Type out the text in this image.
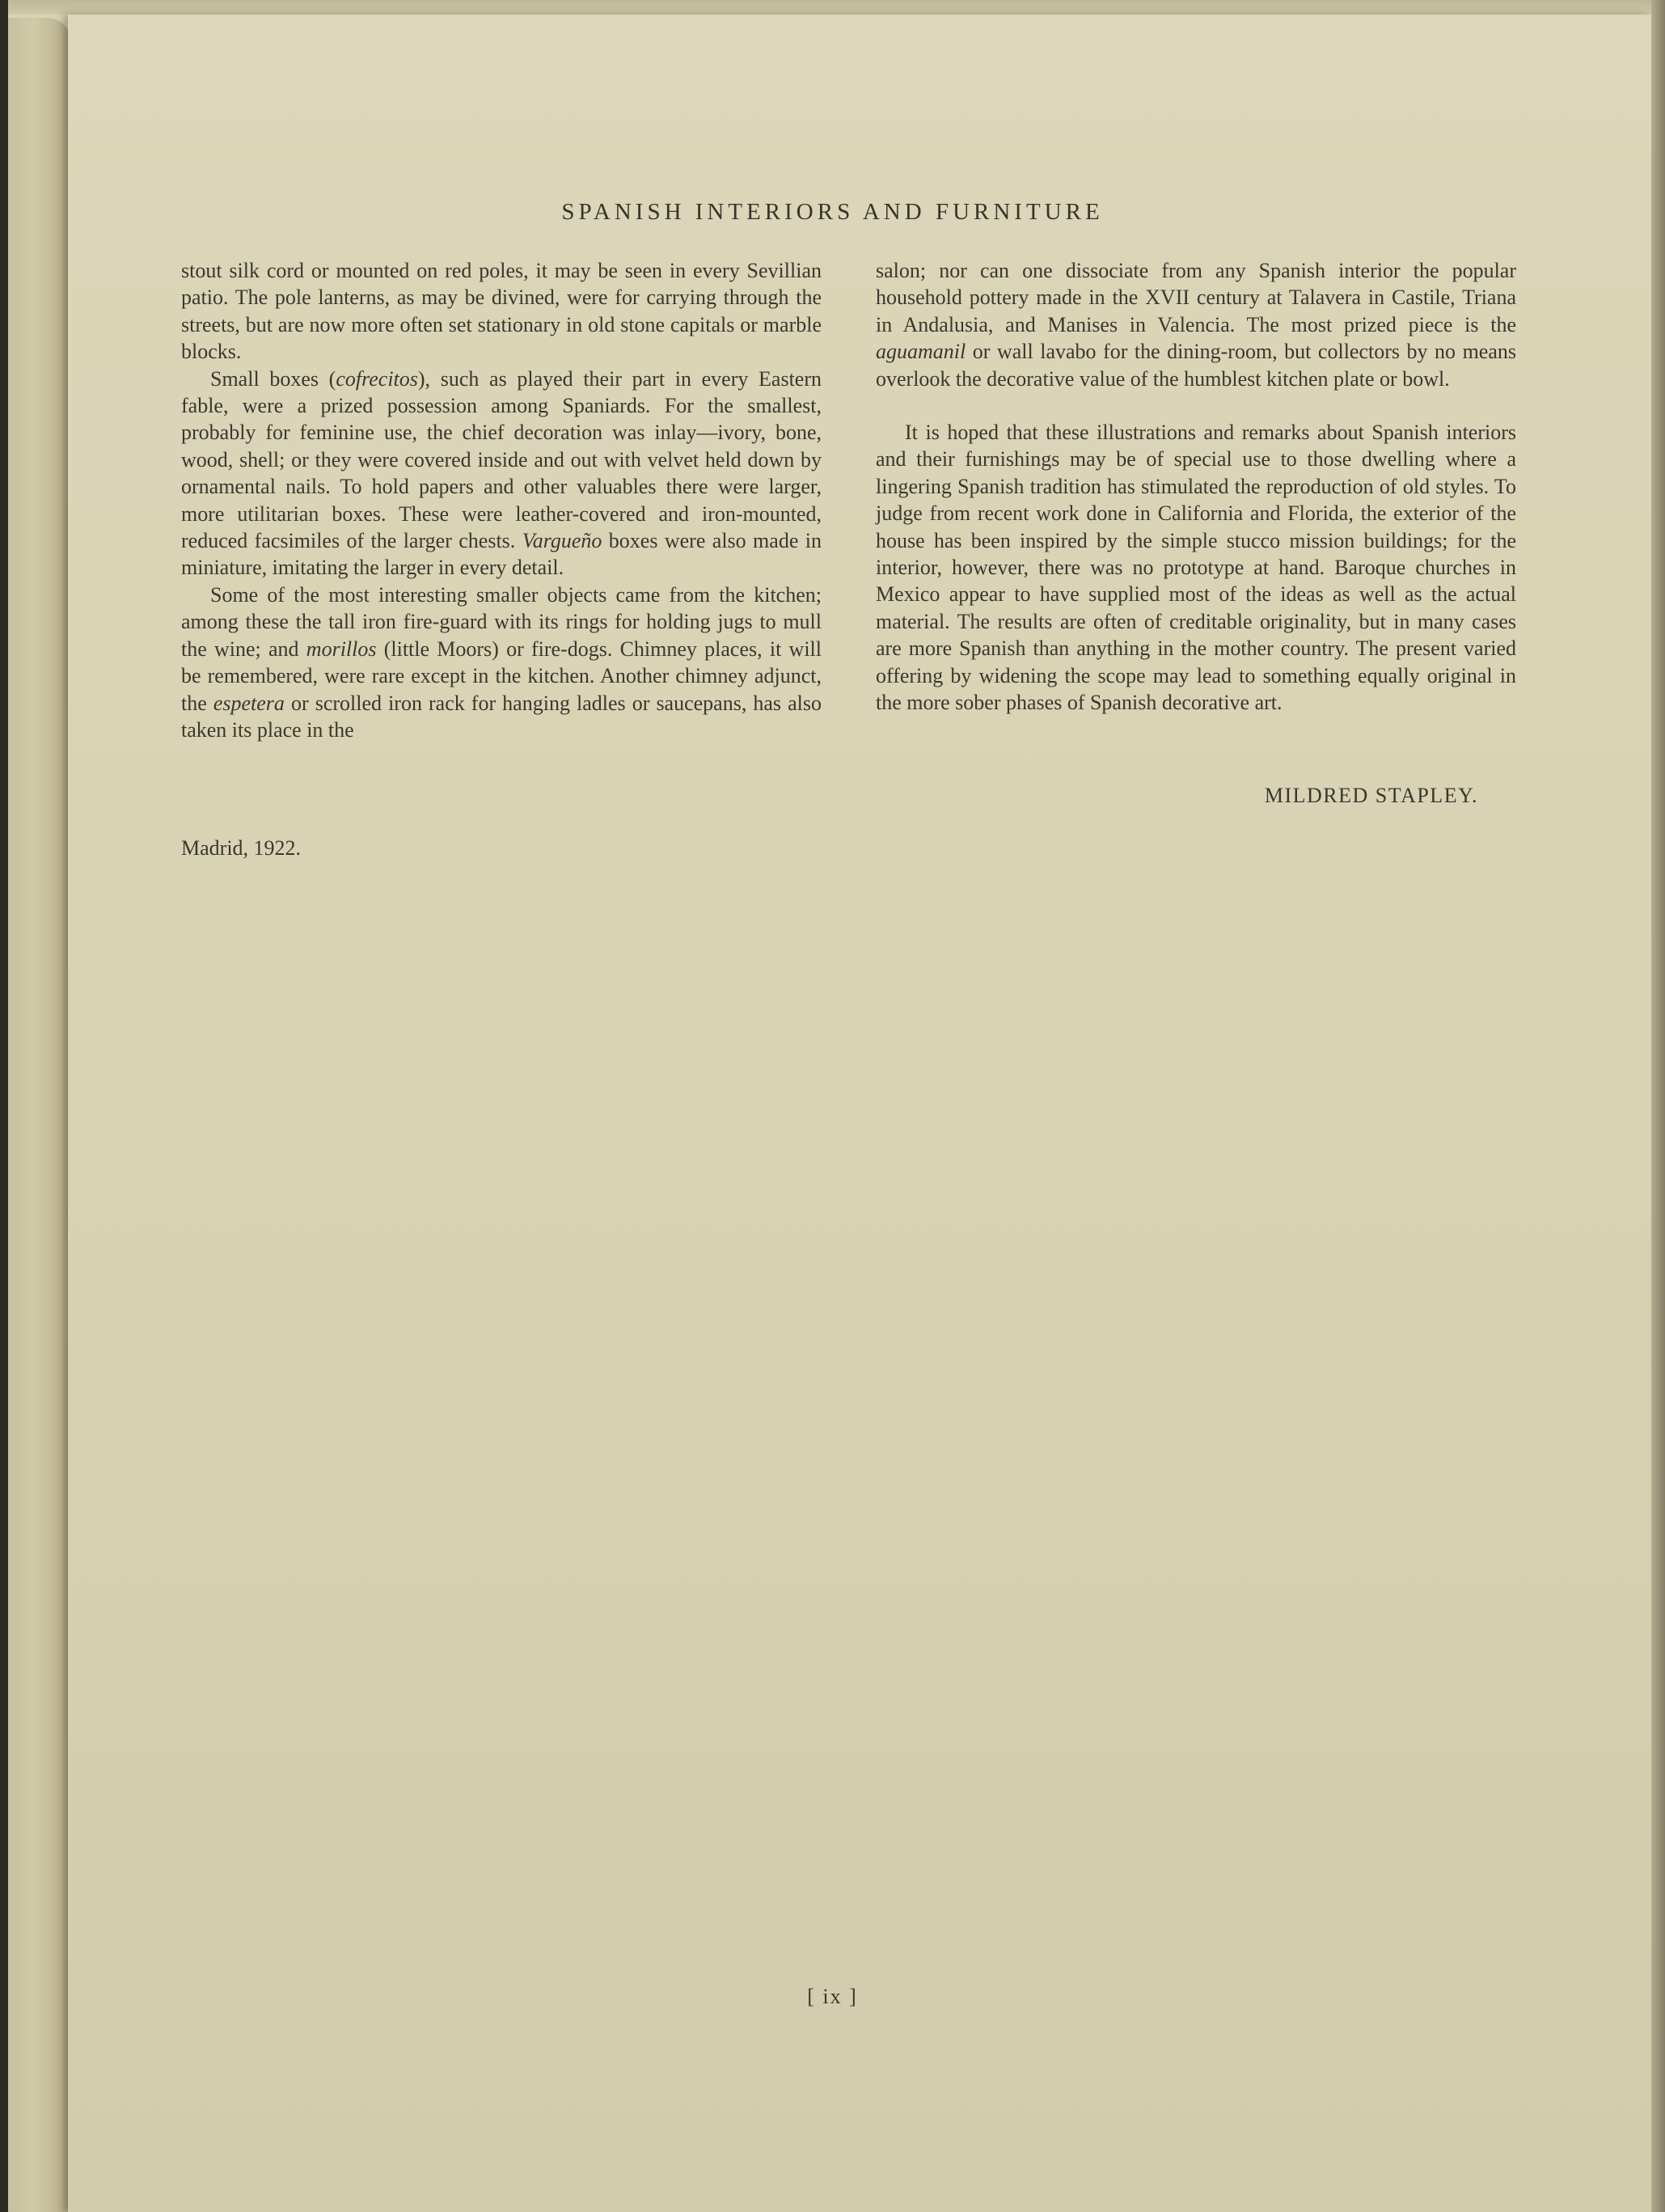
SPANISH INTERIORS AND FURNITURE

stout silk cord or mounted on red poles, it may be seen in every Sevillian patio. The pole lanterns, as may be divined, were for carrying through the streets, but are now more often set stationary in old stone capitals or marble blocks.

Small boxes (cofrecitos), such as played their part in every Eastern fable, were a prized possession among Spaniards. For the smallest, probably for feminine use, the chief decoration was inlay—ivory, bone, wood, shell; or they were covered inside and out with velvet held down by ornamental nails. To hold papers and other valuables there were larger, more utilitarian boxes. These were leather-covered and iron-mounted, reduced facsimiles of the larger chests. Vargueño boxes were also made in miniature, imitating the larger in every detail.

Some of the most interesting smaller objects came from the kitchen; among these the tall iron fire-guard with its rings for holding jugs to mull the wine; and morillos (little Moors) or fire-dogs. Chimney places, it will be remembered, were rare except in the kitchen. Another chimney adjunct, the espetera or scrolled iron rack for hanging ladles or saucepans, has also taken its place in the

salon; nor can one dissociate from any Spanish interior the popular household pottery made in the XVII century at Talavera in Castile, Triana in Andalusia, and Manises in Valencia. The most prized piece is the aguamanil or wall lavabo for the dining-room, but collectors by no means overlook the decorative value of the humblest kitchen plate or bowl.

It is hoped that these illustrations and remarks about Spanish interiors and their furnishings may be of special use to those dwelling where a lingering Spanish tradition has stimulated the reproduction of old styles. To judge from recent work done in California and Florida, the exterior of the house has been inspired by the simple stucco mission buildings; for the interior, however, there was no prototype at hand. Baroque churches in Mexico appear to have supplied most of the ideas as well as the actual material. The results are often of creditable originality, but in many cases are more Spanish than anything in the mother country. The present varied offering by widening the scope may lead to something equally original in the more sober phases of Spanish decorative art.

MILDRED STAPLEY.
Madrid, 1922.
[ ix ]
